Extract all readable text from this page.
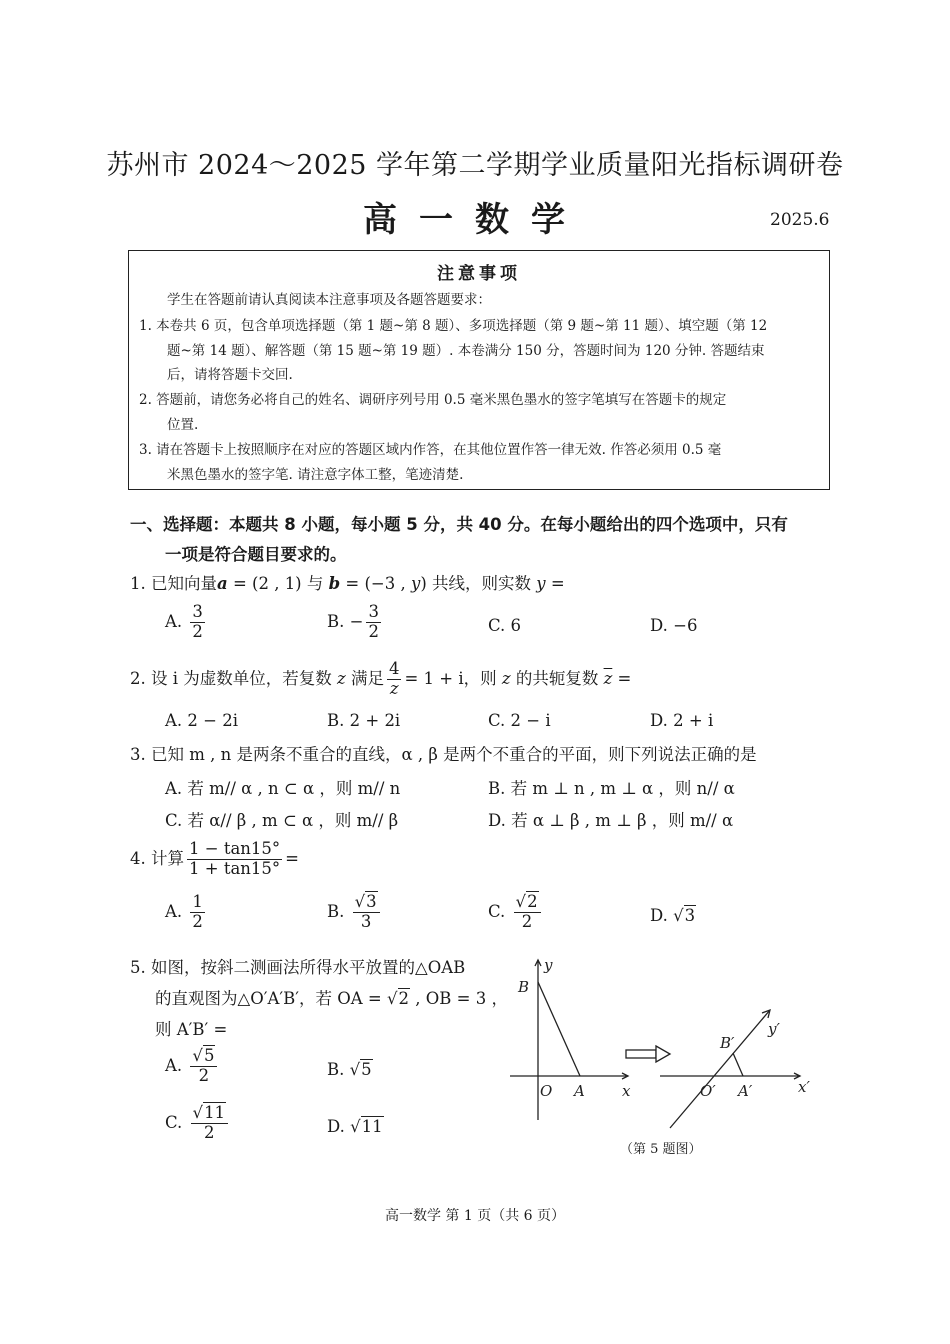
苏州市 2024～2025 学年第二学期学业质量阳光指标调研卷
高一数学	2025.6
注意事项
学生在答题前请认真阅读本注意事项及各题答题要求：
1. 本卷共 6 页，包含单项选择题（第 1 题~第 8 题）、多项选择题（第 9 题~第 11 题）、填空题（第 12
题~第 14 题）、解答题（第 15 题~第 19 题）. 本卷满分 150 分，答题时间为 120 分钟. 答题结束
后，请将答题卡交回.
2. 答题前，请您务必将自己的姓名、调研序列号用 0.5 毫米黑色墨水的签字笔填写在答题卡的规定
位置.
3. 请在答题卡上按照顺序在对应的答题区域内作答，在其他位置作答一律无效. 作答必须用 0.5 毫
米黑色墨水的签字笔. 请注意字体工整，笔迹清楚.
一、选择题：本题共 8 小题，每小题 5 分，共 40 分。在每小题给出的四个选项中，只有
一项是符合题目要求的。
1. 已知向量a = (2 , 1) 与 b = (−3 , y) 共线，则实数 y =
A. $\frac{3}{2}$	B. − $\frac{3}{2}$	C. 6	D. −6
2. 设 i 为虚数单位，若复数 z 满足 $\frac{4}{z} = 1 + i$，则 z 的共轭复数 $\overline{z}$ =
A. 2 − 2i	B. 2 + 2i	C. 2 − i	D. 2 + i
3. 已知 m , n 是两条不重合的直线，α , β 是两个不重合的平面，则下列说法正确的是
A. 若 m// α , n ⊂ α ，则 m// n	B. 若 m ⊥ n , m ⊥ α ，则 n// α
C. 若 α// β , m ⊂ α ，则 m// β	D. 若 α ⊥ β , m ⊥ β ，则 m// α
4. 计算 $\frac{1 - \tan 15^\circ}{1 + \tan 15^\circ}$ =
A. $\frac{1}{2}$	B. $\frac{√3}{3}$	C. $\frac{√2}{2}$	D. √3
5. 如图，按斜二测画法所得水平放置的△OAB
的直观图为△O′A′B′，若 OA = √2 , OB = 3 ，
则 A′B′ =
A. $\frac{√5}{2}$	B. √5
C. $\frac{√11}{2}$	D. √11
y
B
O A x
y′
B′
O′ A′	x′
（第 5 题图）
高一数学 第 1 页（共 6 页）
